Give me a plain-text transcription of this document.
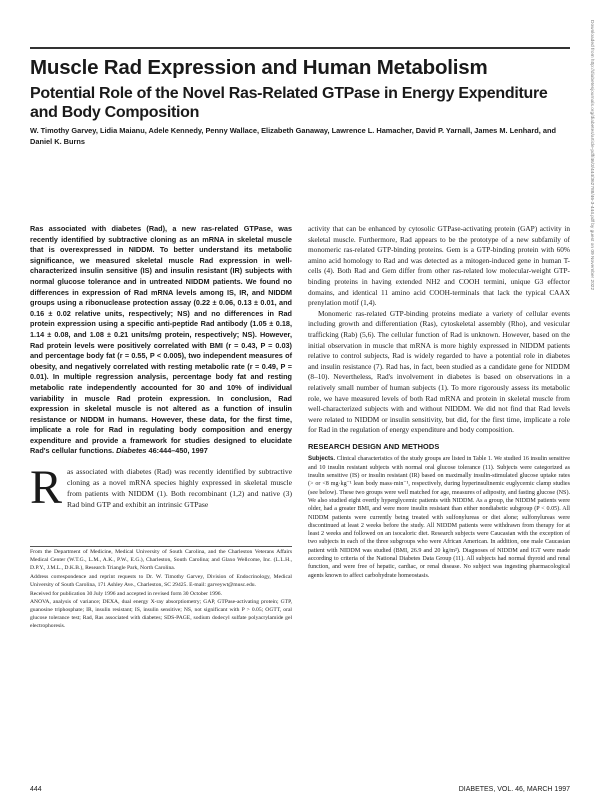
Muscle Rad Expression and Human Metabolism
Potential Role of the Novel Ras-Related GTPase in Energy Expenditure and Body Composition
W. Timothy Garvey, Lidia Maianu, Adele Kennedy, Penny Wallace, Elizabeth Ganaway, Lawrence L. Hamacher, David P. Yarnall, James M. Lenhard, and Daniel K. Burns
Ras associated with diabetes (Rad), a new ras-related GTPase, was recently identified by subtractive cloning as an mRNA in skeletal muscle that is overexpressed in NIDDM. To better understand its metabolic significance, we measured skeletal muscle Rad expression in well-characterized insulin sensitive (IS) and insulin resistant (IR) subjects with normal glucose tolerance and in untreated NIDDM patients. We found no differences in expression of Rad mRNA levels among IS, IR, and NIDDM groups using a ribonuclease protection assay (0.22 ± 0.06, 0.13 ± 0.01, and 0.16 ± 0.02 relative units, respectively; NS) and no differences in Rad protein expression using a specific anti-peptide Rad antibody (1.05 ± 0.18, 1.14 ± 0.08, and 1.08 ± 0.21 units/mg protein, respectively; NS). However, Rad protein levels were positively correlated with BMI (r = 0.43, P = 0.03) and percentage body fat (r = 0.55, P < 0.005), two independent measures of obesity, and negatively correlated with resting metabolic rate (r = 0.49, P = 0.01). In multiple regression analysis, percentage body fat and resting metabolic rate independently accounted for 30 and 10% of individual variability in muscle Rad protein expression. In conclusion, Rad expression in skeletal muscle is not altered as a function of insulin resistance or NIDDM in humans. However, these data, for the first time, implicate a role for Rad in regulating body composition and energy expenditure and provide a framework for studies designed to elucidate Rad's cellular functions. Diabetes 46:444–450, 1997
Ras associated with diabetes (Rad) was recently identified by subtractive cloning as a novel mRNA species highly expressed in skeletal muscle from patients with NIDDM (1). Both recombinant (1,2) and native (3) Rad bind GTP and exhibit an intrinsic GTPase

From the Department of Medicine, Medical University of South Carolina, and the Charleston Veterans Affairs Medical Center (W.T.G., L.M., A.K., P.W., E.G.), Charleston, South Carolina; and Glaxo Wellcome, Inc. (L.L.H., D.P.Y., J.M.L., D.K.B.), Research Triangle Park, North Carolina.

Address correspondence and reprint requests to Dr. W. Timothy Garvey, Division of Endocrinology, Medical University of South Carolina, 171 Ashley Ave., Charleston, SC 29425. E-mail: garveywt@musc.edu.

Received for publication 30 July 1996 and accepted in revised form 30 October 1996.

ANOVA, analysis of variance; DEXA, dual energy X-ray absorptiometry; GAP, GTPase-activating protein; GTP, guanosine triphosphate; IR, insulin resistant; IS, insulin sensitive; NS, not significant with P > 0.05; OGTT, oral glucose tolerance test; Rad, Ras associated with diabetes; SDS-PAGE, sodium dodecyl sulfate polyacrylamide gel electrophoresis.

activity that can be enhanced by cytosolic GTPase-activating protein (GAP) activity in skeletal muscle. Furthermore, Rad appears to be the prototype of a new subfamily of monomeric ras-related GTP-binding proteins. Gem is a GTP-binding protein with 60% amino acid homology to Rad and was detected as a mitogen-induced gene in human T-cells (4). Both Rad and Gem differ from other ras-related low molecular-weight GTP-binding proteins in having extended NH2 and COOH termini, unique G3 effector domains, and identical 11 amino acid COOH-terminals that lack the typical CAAX prenylation motif (1,4).

Monomeric ras-related GTP-binding proteins mediate a variety of cellular events including growth and differentiation (Ras), cytoskeletal assembly (Rho), and vesicular trafficking (Rab) (5,6). The cellular function of Rad is unknown. However, based on the initial observation in muscle that mRNA is more highly expressed in NIDDM patients relative to control subjects, Rad is widely regarded to have a potential role in diabetes and insulin resistance (7). Rad has, in fact, been studied as a candidate gene for NIDDM (8–10). Nevertheless, Rad's involvement in diabetes is based on observations in a relatively small number of human subjects (1). To more rigorously assess its metabolic role, we have measured levels of both Rad mRNA and protein in skeletal muscle from well-characterized subjects with and without NIDDM. We did not find that Rad levels were related to NIDDM or insulin sensitivity, but did, for the first time, implicate a role for Rad in the regulation of energy expenditure and body composition.

RESEARCH DESIGN AND METHODS

Subjects. Clinical characteristics of the study groups are listed in Table 1. We studied 16 insulin sensitive and 10 insulin resistant subjects with normal oral glucose tolerance (11). Subjects were categorized as insulin sensitive (IS) or insulin resistant (IR) based on maximally insulin-stimulated glucose uptake rates (> or <8 mg·kg⁻¹ lean body mass·min⁻¹, respectively, during hyperinsulinemic euglycemic clamp studies (see below). These two groups were well matched for age, measures of adiposity, and fasting glucose (NS). We also studied eight overtly hyperglycemic patients with NIDDM. As a group, the NIDDM patients were older, had a greater BMI, and were more insulin resistant than either nondiabetic subgroup (P < 0.05). All NIDDM patients were currently being treated with sulfonylureas or diet alone; sulfonylureas were discontinued at least 2 weeks before the study. All NIDDM patients were withdrawn from therapy for at least 2 weeks and followed on an isocaloric diet. Research subjects were Caucasian with the exception of two subjects in each of the three subgroups who were African American. In addition, one male Caucasian patient with NIDDM was studied (BMI, 26.9 and 20 kg/m²). Diagnoses of NIDDM and IGT were made according to criteria of the National Diabetes Data Group (11). All subjects had normal thyroid and renal function, and were free of hepatic, cardiac, or renal disease. No subject was ingesting pharmacological agents known to affect carbohydrate homeostasis.

Downloaded from http://diabetesjournals.org/diabetes/article-pdf/46/3/444/362788/46-3-444.pdf by guest on 09 November 2022
444	DIABETES, VOL. 46, MARCH 1997
